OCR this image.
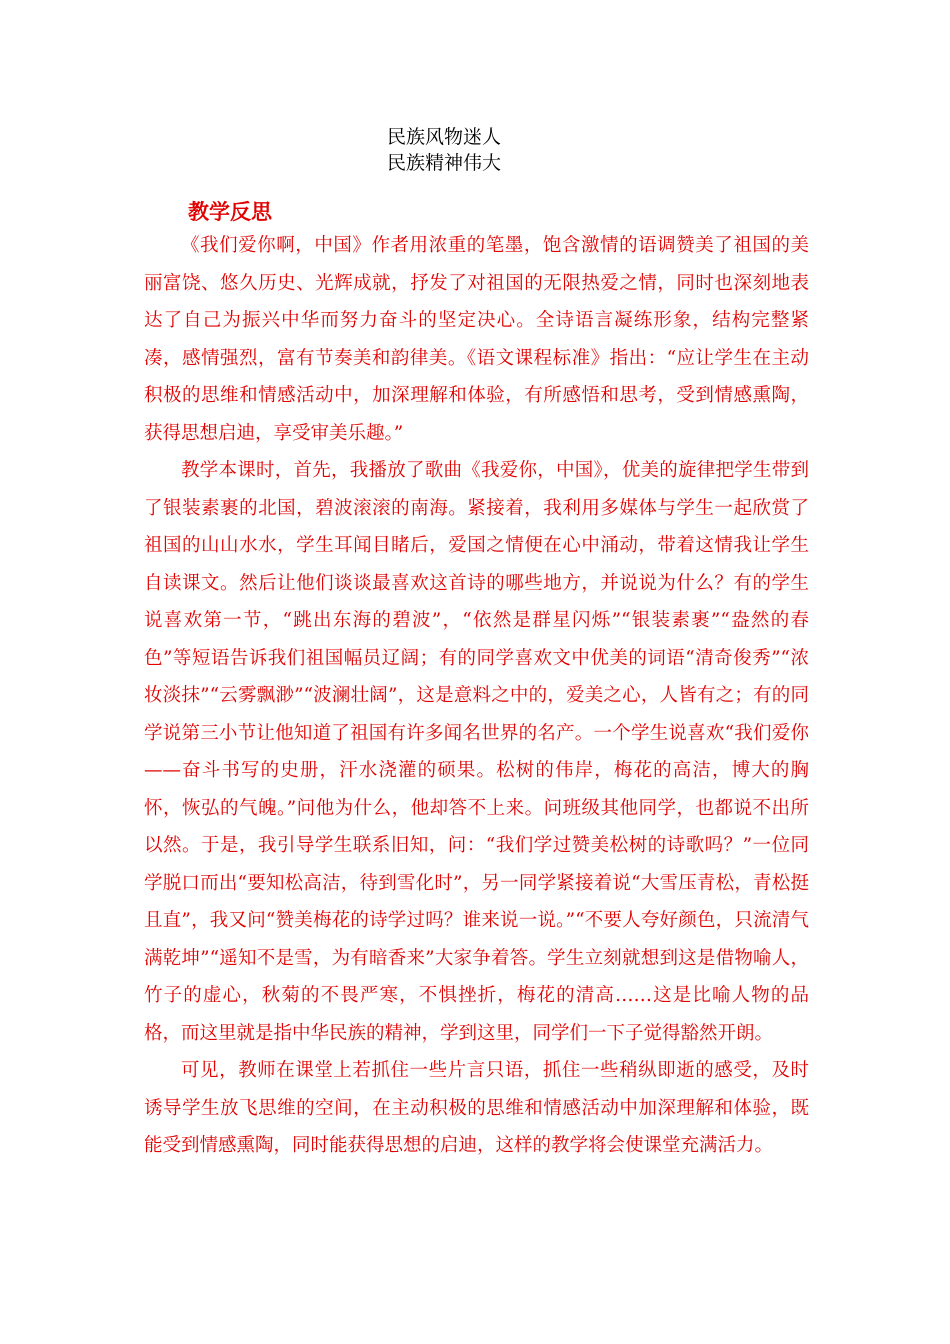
民族风物迷人
民族精神伟大
教学反思

《我们爱你啊，中国》作者用浓重的笔墨，饱含激情的语调赞美了祖国的美丽富饶、悠久历史、光辉成就，抒发了对祖国的无限热爱之情，同时也深刻地表达了自己为振兴中华而努力奋斗的坚定决心。全诗语言凝练形象，结构完整紧凑，感情强烈，富有节奏美和韵律美。《语文课程标准》指出：“应让学生在主动积极的思维和情感活动中，加深理解和体验，有所感悟和思考，受到情感熏陶，获得思想启迪，享受审美乐趣。”

教学本课时，首先，我播放了歌曲《我爱你，中国》，优美的旋律把学生带到了银装素裹的北国，碧波滚滚的南海。紧接着，我利用多媒体与学生一起欣赏了祖国的山山水水，学生耳闻目睹后，爱国之情便在心中涌动，带着这情我让学生自读课文。然后让他们谈谈最喜欢这首诗的哪些地方，并说说为什么？有的学生说喜欢第一节，“跳出东海的碧波”，“依然是群星闪烁”“银装素裹”“盎然的春色”等短语告诉我们祖国幅员辽阔；有的同学喜欢文中优美的词语“清奇俊秀”“浓妆淡抹”“云雾飘渺”“波澜壮阔”，这是意料之中的，爱美之心，人皆有之；有的同学说第三小节让他知道了祖国有许多闻名世界的名产。一个学生说喜欢“我们爱你——奋斗书写的史册，汗水浇灌的硕果。松树的伟岸，梅花的高洁，博大的胸怀，恢弘的气魄。”问他为什么，他却答不上来。问班级其他同学，也都说不出所以然。于是，我引导学生联系旧知，问：“我们学过赞美松树的诗歌吗？”一位同学脱口而出“要知松高洁，待到雪化时”，另一同学紧接着说“大雪压青松，青松挺且直”，我又问“赞美梅花的诗学过吗？谁来说一说。”“不要人夸好颜色，只流清气满乾坤”“遥知不是雪，为有暗香来”大家争着答。学生立刻就想到这是借物喻人，竹子的虚心，秋菊的不畏严寒，不惧挫折，梅花的清高……这是比喻人物的品格，而这里就是指中华民族的精神，学到这里，同学们一下子觉得豁然开朗。

可见，教师在课堂上若抓住一些片言只语，抓住一些稍纵即逝的感受，及时诱导学生放飞思维的空间，在主动积极的思维和情感活动中加深理解和体验，既能受到情感熏陶，同时能获得思想的启迪，这样的教学将会使课堂充满活力。
